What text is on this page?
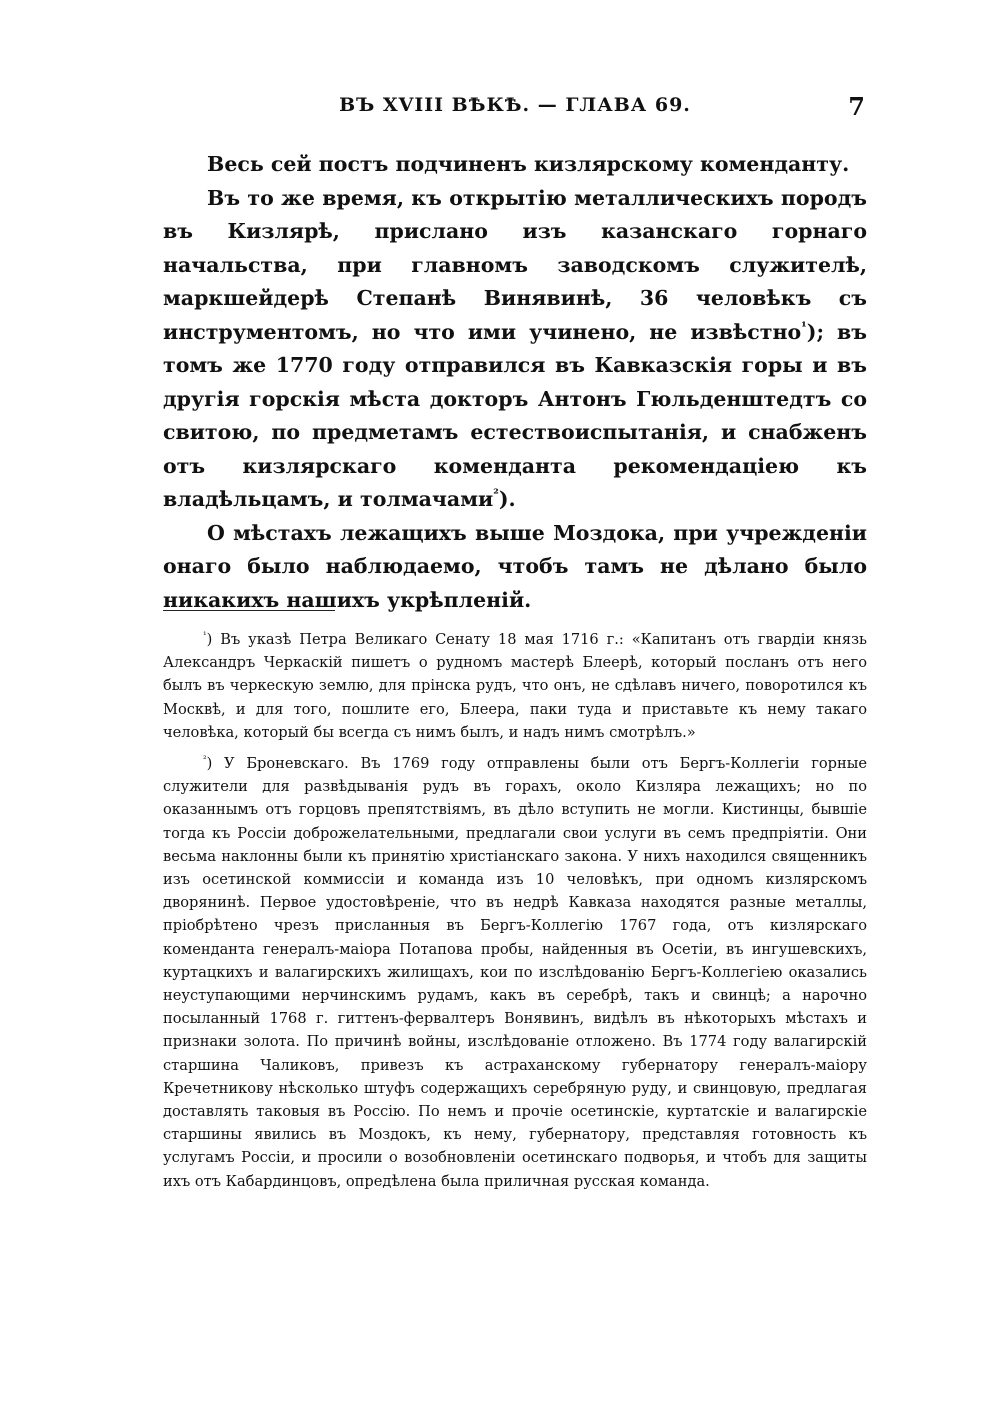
ВЪ XVIII ВѢКѢ. — ГЛАВА 69.	7

Весь сей постъ подчиненъ кизлярскому коменданту.

Въ то же время, къ открытію металлическихъ породъ въ Кизлярѣ, прислано изъ казанскаго горнаго начальства, при главномъ заводскомъ служителѣ, маркшейдерѣ Степанѣ Винявинѣ, 36 человѣкъ съ инструментомъ, но что ими учинено, не извѣстно$^{^1}$); въ томъ же 1770 году отправился въ Кавказскія горы и въ другія горскія мѣста докторъ Антонъ Гюльденштедтъ со свитою, по предметамъ естествоиспытанія, и снабженъ отъ кизлярскаго коменданта рекомендаціею къ владѣльцамъ, и толмачами$^{^2}$).

О мѣстахъ лежащихъ выше Моздока, при учрежденіи онаго было наблюдаемо, чтобъ тамъ не дѣлано было никакихъ нашихъ укрѣпленій.

$^{^1}$) Въ указѣ Петра Великаго Сенату 18 мая 1716 г.: «Капитанъ отъ гвардіи князь Александръ Черкаскій пишетъ о рудномъ мастерѣ Блеерѣ, который посланъ отъ него былъ въ черкескую землю, для прінска рудъ, что онъ, не сдѣлавъ ничего, поворотился къ Москвѣ, и для того, пошлите его, Блеера, паки туда и приставьте къ нему такаго человѣка, который бы всегда съ нимъ былъ, и надъ нимъ смотрѣлъ.»

$^{^2}$) У Броневскаго. Въ 1769 году отправлены были отъ Бергъ-Коллегіи горные служители для развѣдыванія рудъ въ горахъ, около Кизляра лежащихъ; но по оказаннымъ отъ горцовъ препятствіямъ, въ дѣло вступить не могли. Кистинцы, бывшіе тогда къ Россіи доброжелательными, предлагали свои услуги въ семъ предпріятіи. Они весьма наклонны были къ принятію христіанскаго закона. У нихъ находился священникъ изъ осетинской коммиссіи и команда изъ 10 человѣкъ, при одномъ кизлярскомъ дворянинѣ. Первое удостовѣреніе, что въ недрѣ Кавказа находятся разные металлы, пріобрѣтено чрезъ присланныя въ Бергъ-Коллегію 1767 года, отъ кизлярскаго коменданта генералъ-маіора Потапова пробы, найденныя въ Осетіи, въ ингушевскихъ, куртацкихъ и валагирскихъ жилищахъ, кои по изслѣдованію Бергъ-Коллегіею оказались неуступающими нерчинскимъ рудамъ, какъ въ серебрѣ, такъ и свинцѣ; а нарочно посыланный 1768 г. гиттенъ-фервалтеръ Вонявинъ, видѣлъ въ нѣкоторыхъ мѣстахъ и признаки золота. По причинѣ войны, изслѣдованіе отложено. Въ 1774 году валагирскій старшина Чаликовъ, привезъ къ астраханскому губернатору генералъ-маіору Кречетникову нѣсколько штуфъ содержащихъ серебряную руду, и свинцовую, предлагая доставлять таковыя въ Россію. По немъ и прочіе осетинскіе, куртатскіе и валагирскіе старшины явились въ Моздокъ, къ нему, губернатору, представляя готовность къ услугамъ Россіи, и просили о возобновленіи осетинскаго подворья, и чтобъ для защиты ихъ отъ Кабардинцовъ, опредѣлена была приличная русская команда.
